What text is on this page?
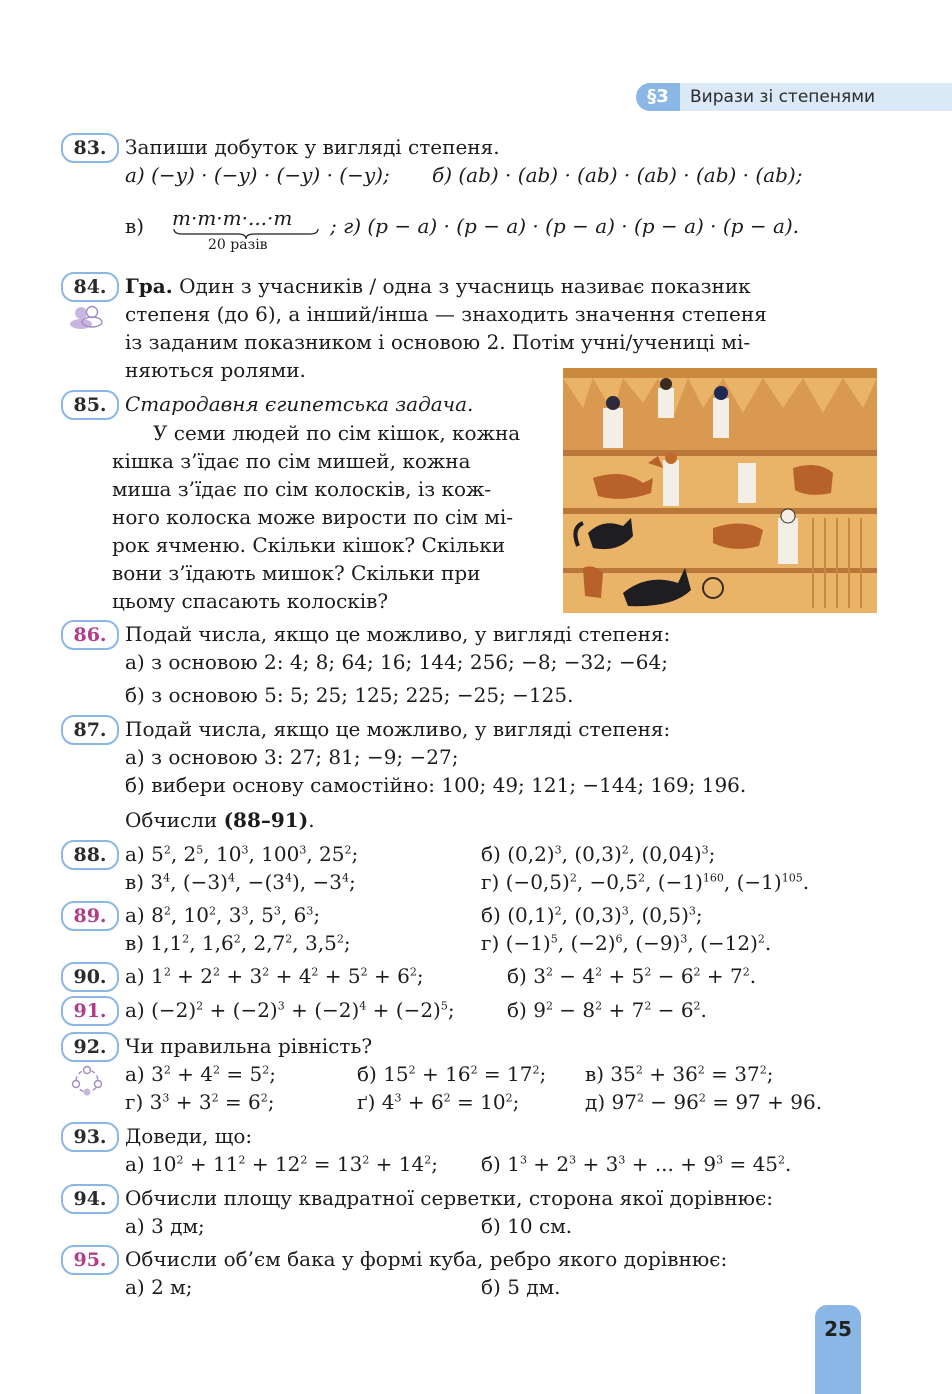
§3	Вирази зі степенями
83. Запиши добуток у вигляді степеня.
а) (−y) · (−y) · (−y) · (−y); б) (ab) · (ab) · (ab) · (ab) · (ab) · (ab);
в) m·m·m·...·m
20 разів
; г) (p − a) · (p − a) · (p − a) · (p − a) · (p − a).
84. Гра. Один з учасників / одна з учасниць називає показник
степеня (до 6), а інший/інша — знаходить значення степеня
із заданим показником і основою 2. Потім учні/учениці мі-
няються ролями.
85. Стародавня єгипетська задача.
У семи людей по сім кішок, кожна
кішка з’їдає по сім мишей, кожна
миша з’їдає по сім колосків, із кож-
ного колоска може вирости по сім мі-
рок ячменю. Скільки кішок? Скільки
вони з’їдають мишок? Скільки при
цьому спасають колосків?
86. Подай числа, якщо це можливо, у вигляді степеня:
а) з основою 2: 4; 8; 64; 16; 144; 256; −8; −32; −64;
б) з основою 5: 5; 25; 125; 225; −25; −125.
87. Подай числа, якщо це можливо, у вигляді степеня:
а) з основою 3: 27; 81; −9; −27;
б) вибери основу самостійно: 100; 49; 121; −144; 169; 196.
Обчисли (88–91).
88. а) $5^2$, $2^5$, $10^3$, $100^3$, $25^2$;	б) $(0,2)^3$, $(0,3)^2$, $(0,04)^3$;
в) $3^4$, $(-3)^4$, $-(3^4)$, $-3^4$;	г) $(-0,5)^2$, $-0,5^2$, $(-1)^{160}$, $(-1)^{105}$.
89. а) $8^2$, $10^2$, $3^3$, $5^3$, $6^3$;	б) $(0,1)^2$, $(0,3)^3$, $(0,5)^3$;
в) $1,1^2$, $1,6^2$, $2,7^2$, $3,5^2$;	г) $(-1)^5$, $(-2)^6$, $(-9)^3$, $(-12)^2$.
90. а) $1^2 + 2^2 + 3^2 + 4^2 + 5^2 + 6^2$;	б) $3^2 - 4^2 + 5^2 - 6^2 + 7^2$.
91. а) $(-2)^2 + (-2)^3 + (-2)^4 + (-2)^5$;	б) $9^2 - 8^2 + 7^2 - 6^2$.
92. Чи правильна рівність?
а) $3^2 + 4^2 = 5^2$;	б) $15^2 + 16^2 = 17^2$; в) $35^2 + 36^2 = 37^2$;
г) $3^3 + 3^2 = 6^2$;	ґ) $4^3 + 6^2 = 10^2$;	д) $97^2 - 96^2 = 97 + 96$.
93. Доведи, що:
а) $10^2 + 11^2 + 12^2 = 13^2 + 14^2$; б) $1^3 + 2^3 + 3^3$ + ... + $9^3 = 45^2$.
94. Обчисли площу квадратної серветки, сторона якої дорівнює:
а) 3 дм;	б) 10 см.
95. Обчисли об’єм бака у формі куба, ребро якого дорівнює:
а) 2 м;	б) 5 дм.
25
